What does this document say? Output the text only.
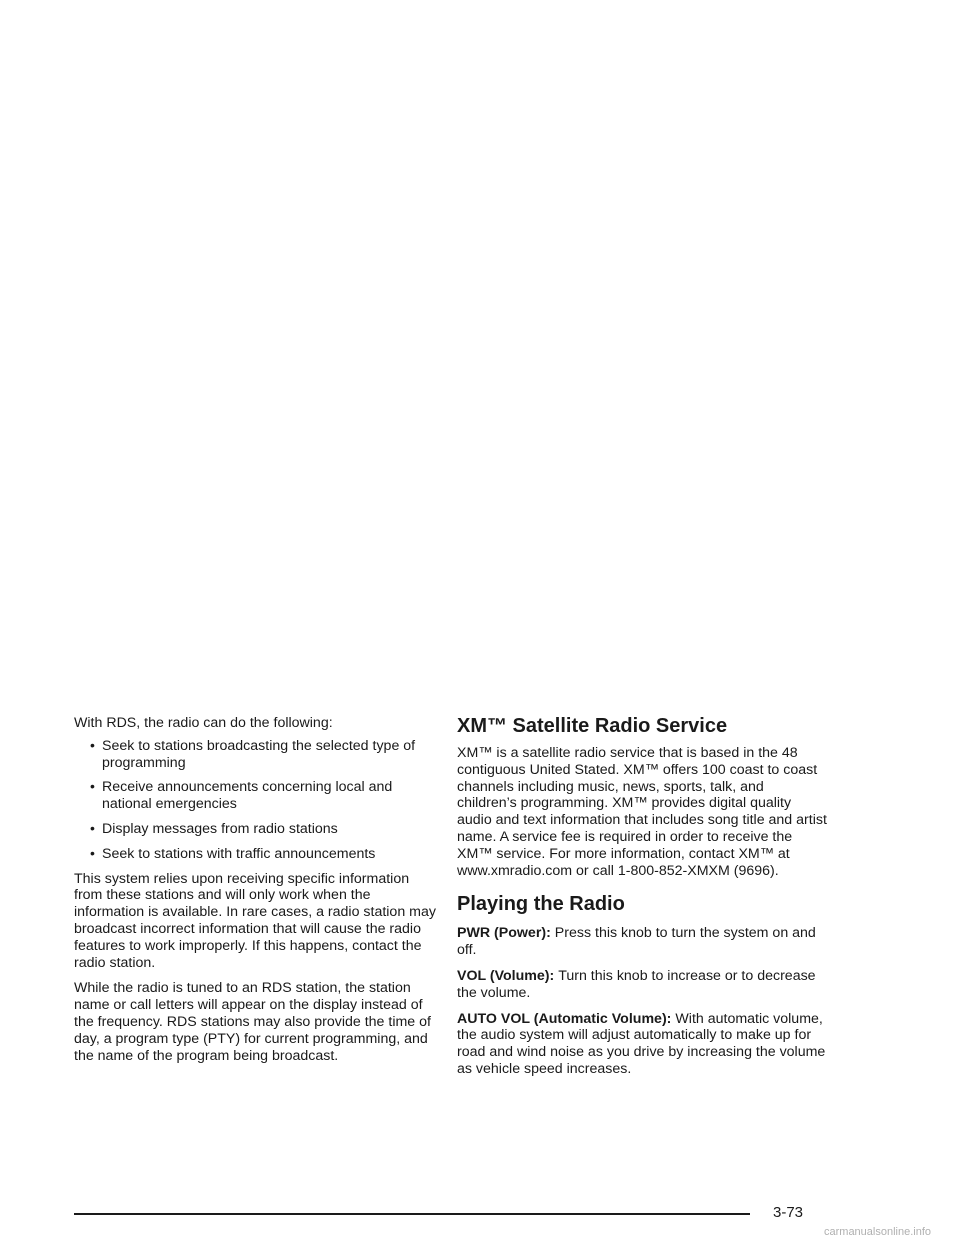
With RDS, the radio can do the following:

• Seek to stations broadcasting the selected type of programming
• Receive announcements concerning local and national emergencies
• Display messages from radio stations
• Seek to stations with traffic announcements

This system relies upon receiving specific information from these stations and will only work when the information is available. In rare cases, a radio station may broadcast incorrect information that will cause the radio features to work improperly. If this happens, contact the radio station.

While the radio is tuned to an RDS station, the station name or call letters will appear on the display instead of the frequency. RDS stations may also provide the time of day, a program type (PTY) for current programming, and the name of the program being broadcast.

XM™ Satellite Radio Service

XM™ is a satellite radio service that is based in the 48 contiguous United Stated. XM™ offers 100 coast to coast channels including music, news, sports, talk, and children’s programming. XM™ provides digital quality audio and text information that includes song title and artist name. A service fee is required in order to receive the XM™ service. For more information, contact XM™ at www.xmradio.com or call 1-800-852-XMXM (9696).

Playing the Radio

PWR (Power): Press this knob to turn the system on and off.

VOL (Volume): Turn this knob to increase or to decrease the volume.

AUTO VOL (Automatic Volume): With automatic volume, the audio system will adjust automatically to make up for road and wind noise as you drive by increasing the volume as vehicle speed increases.

3-73
carmanualsonline.info
